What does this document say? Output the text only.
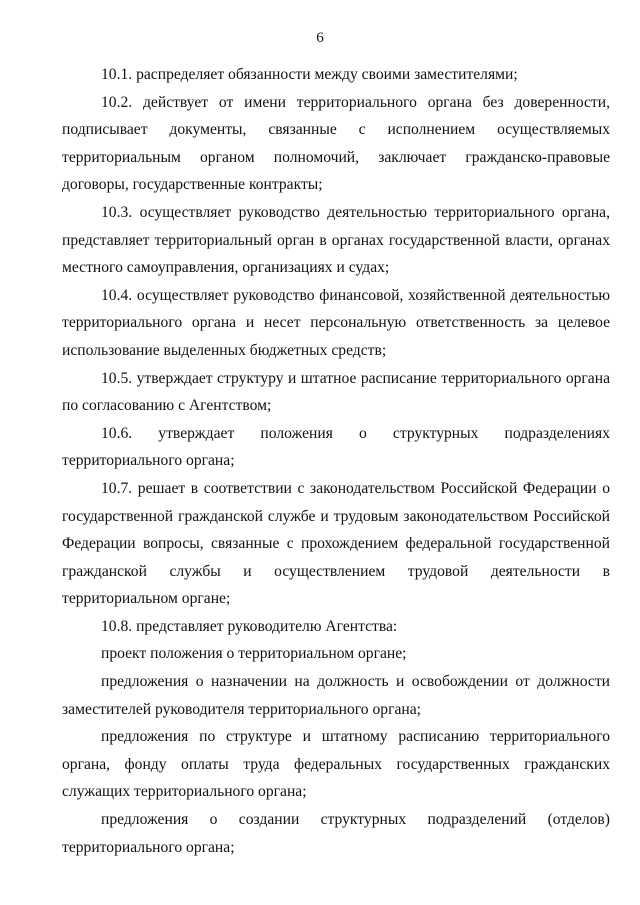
6

10.1. распределяет обязанности между своими заместителями;

10.2. действует от имени территориального органа без доверенности, подписывает документы, связанные с исполнением осуществляемых территориальным органом полномочий, заключает гражданско-правовые договоры, государственные контракты;

10.3. осуществляет руководство деятельностью территориального органа, представляет территориальный орган в органах государственной власти, органах местного самоуправления, организациях и судах;

10.4. осуществляет руководство финансовой, хозяйственной деятельностью территориального органа и несет персональную ответственность за целевое использование выделенных бюджетных средств;

10.5. утверждает структуру и штатное расписание территориального органа по согласованию с Агентством;

10.6. утверждает положения о структурных подразделениях территориального органа;

10.7. решает в соответствии с законодательством Российской Федерации о государственной гражданской службе и трудовым законодательством Российской Федерации вопросы, связанные с прохождением федеральной государственной гражданской службы и осуществлением трудовой деятельности в территориальном органе;

10.8. представляет руководителю Агентства:

проект положения о территориальном органе;

предложения о назначении на должность и освобождении от должности заместителей руководителя территориального органа;

предложения по структуре и штатному расписанию территориального органа, фонду оплаты труда федеральных государственных гражданских служащих территориального органа;

предложения о создании структурных подразделений (отделов) территориального органа;
